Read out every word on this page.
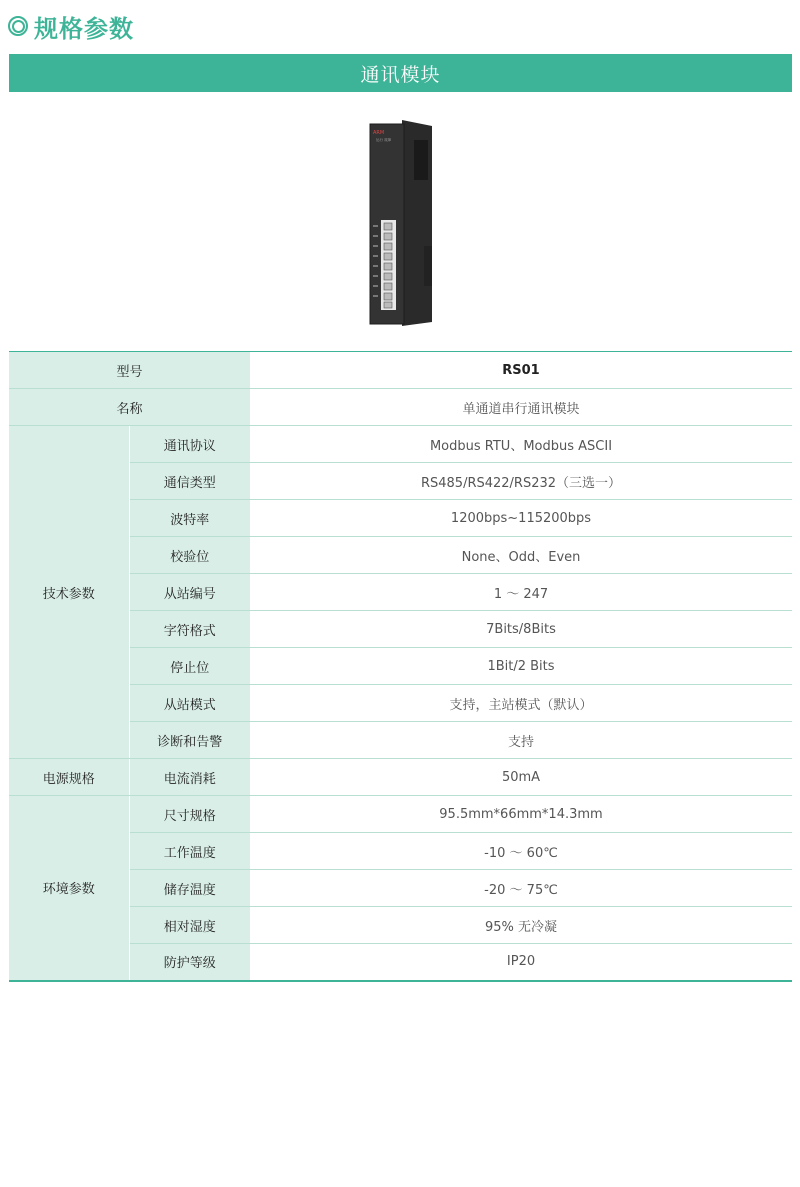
规格参数
通讯模块
ARM
运行 故障
型号		RS01
名称		单通道串行通讯模块
技术参数	通讯协议	Modbus RTU、Modbus ASCII
	通信类型	RS485/RS422/RS232（三选一）
	波特率	1200bps~115200bps
	校验位	None、Odd、Even
	从站编号	1 ～ 247
	字符格式	7Bits/8Bits
	停止位	1Bit/2 Bits
	从站模式	支持，主站模式（默认）
	诊断和告警	支持
电源规格	电流消耗	50mA
环境参数	尺寸规格	95.5mm*66mm*14.3mm
	工作温度	-10 ～ 60℃
	储存温度	-20 ～ 75℃
	相对湿度	95% 无冷凝
	防护等级	IP20
